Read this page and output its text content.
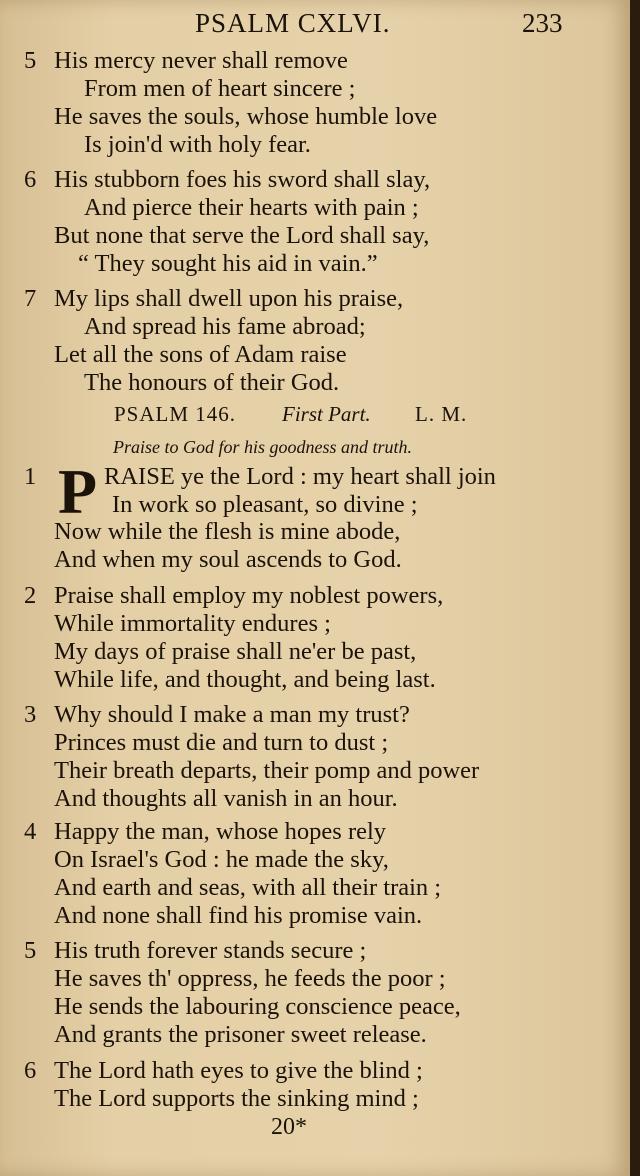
PSALM CXLVI.	233
5 His mercy never shall remove
From men of heart sincere ;
He saves the souls, whose humble love
Is join'd with holy fear.
6 His stubborn foes his sword shall slay,
And pierce their hearts with pain ;
But none that serve the Lord shall say,
“ They sought his aid in vain.”
7 My lips shall dwell upon his praise,
And spread his fame abroad;
Let all the sons of Adam raise
The honours of their God.
PSALM 146. First Part. L. M.
Praise to God for his goodness and truth.
1 P RAISE ye the Lord : my heart shall join
In work so pleasant, so divine ;
Now while the flesh is mine abode,
And when my soul ascends to God.
2 Praise shall employ my noblest powers,
While immortality endures ;
My days of praise shall ne'er be past,
While life, and thought, and being last.
3 Why should I make a man my trust?
Princes must die and turn to dust ;
Their breath departs, their pomp and power
And thoughts all vanish in an hour.
4 Happy the man, whose hopes rely
On Israel's God : he made the sky,
And earth and seas, with all their train ;
And none shall find his promise vain.
5 His truth forever stands secure ;
He saves th' oppress, he feeds the poor ;
He sends the labouring conscience peace,
And grants the prisoner sweet release.
6 The Lord hath eyes to give the blind ;
The Lord supports the sinking mind ;
20*
